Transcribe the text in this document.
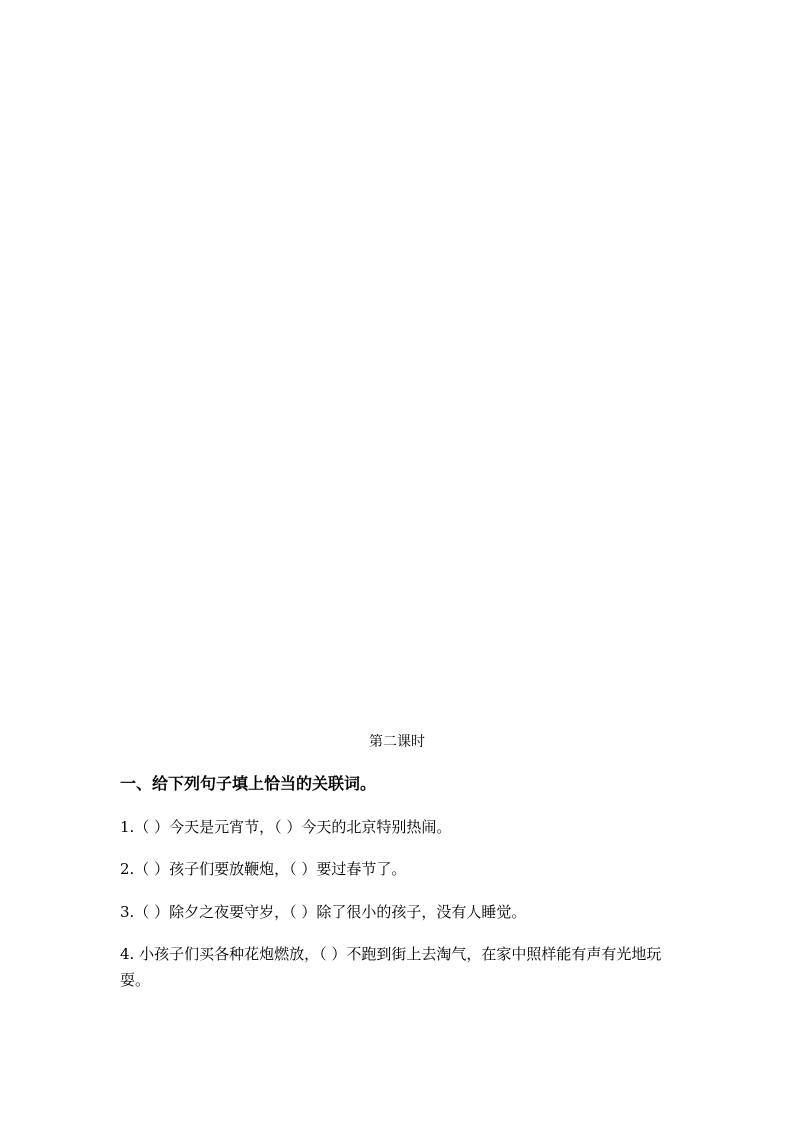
第二课时
一、给下列句子填上恰当的关联词。
1.（ ）今天是元宵节，（ ）今天的北京特别热闹。
2.（ ）孩子们要放鞭炮，（ ）要过春节了。
3.（ ）除夕之夜要守岁，（ ）除了很小的孩子，没有人睡觉。
4. 小孩子们买各种花炮燃放，（ ）不跑到街上去淘气，在家中照样能有声有光地玩耍。
